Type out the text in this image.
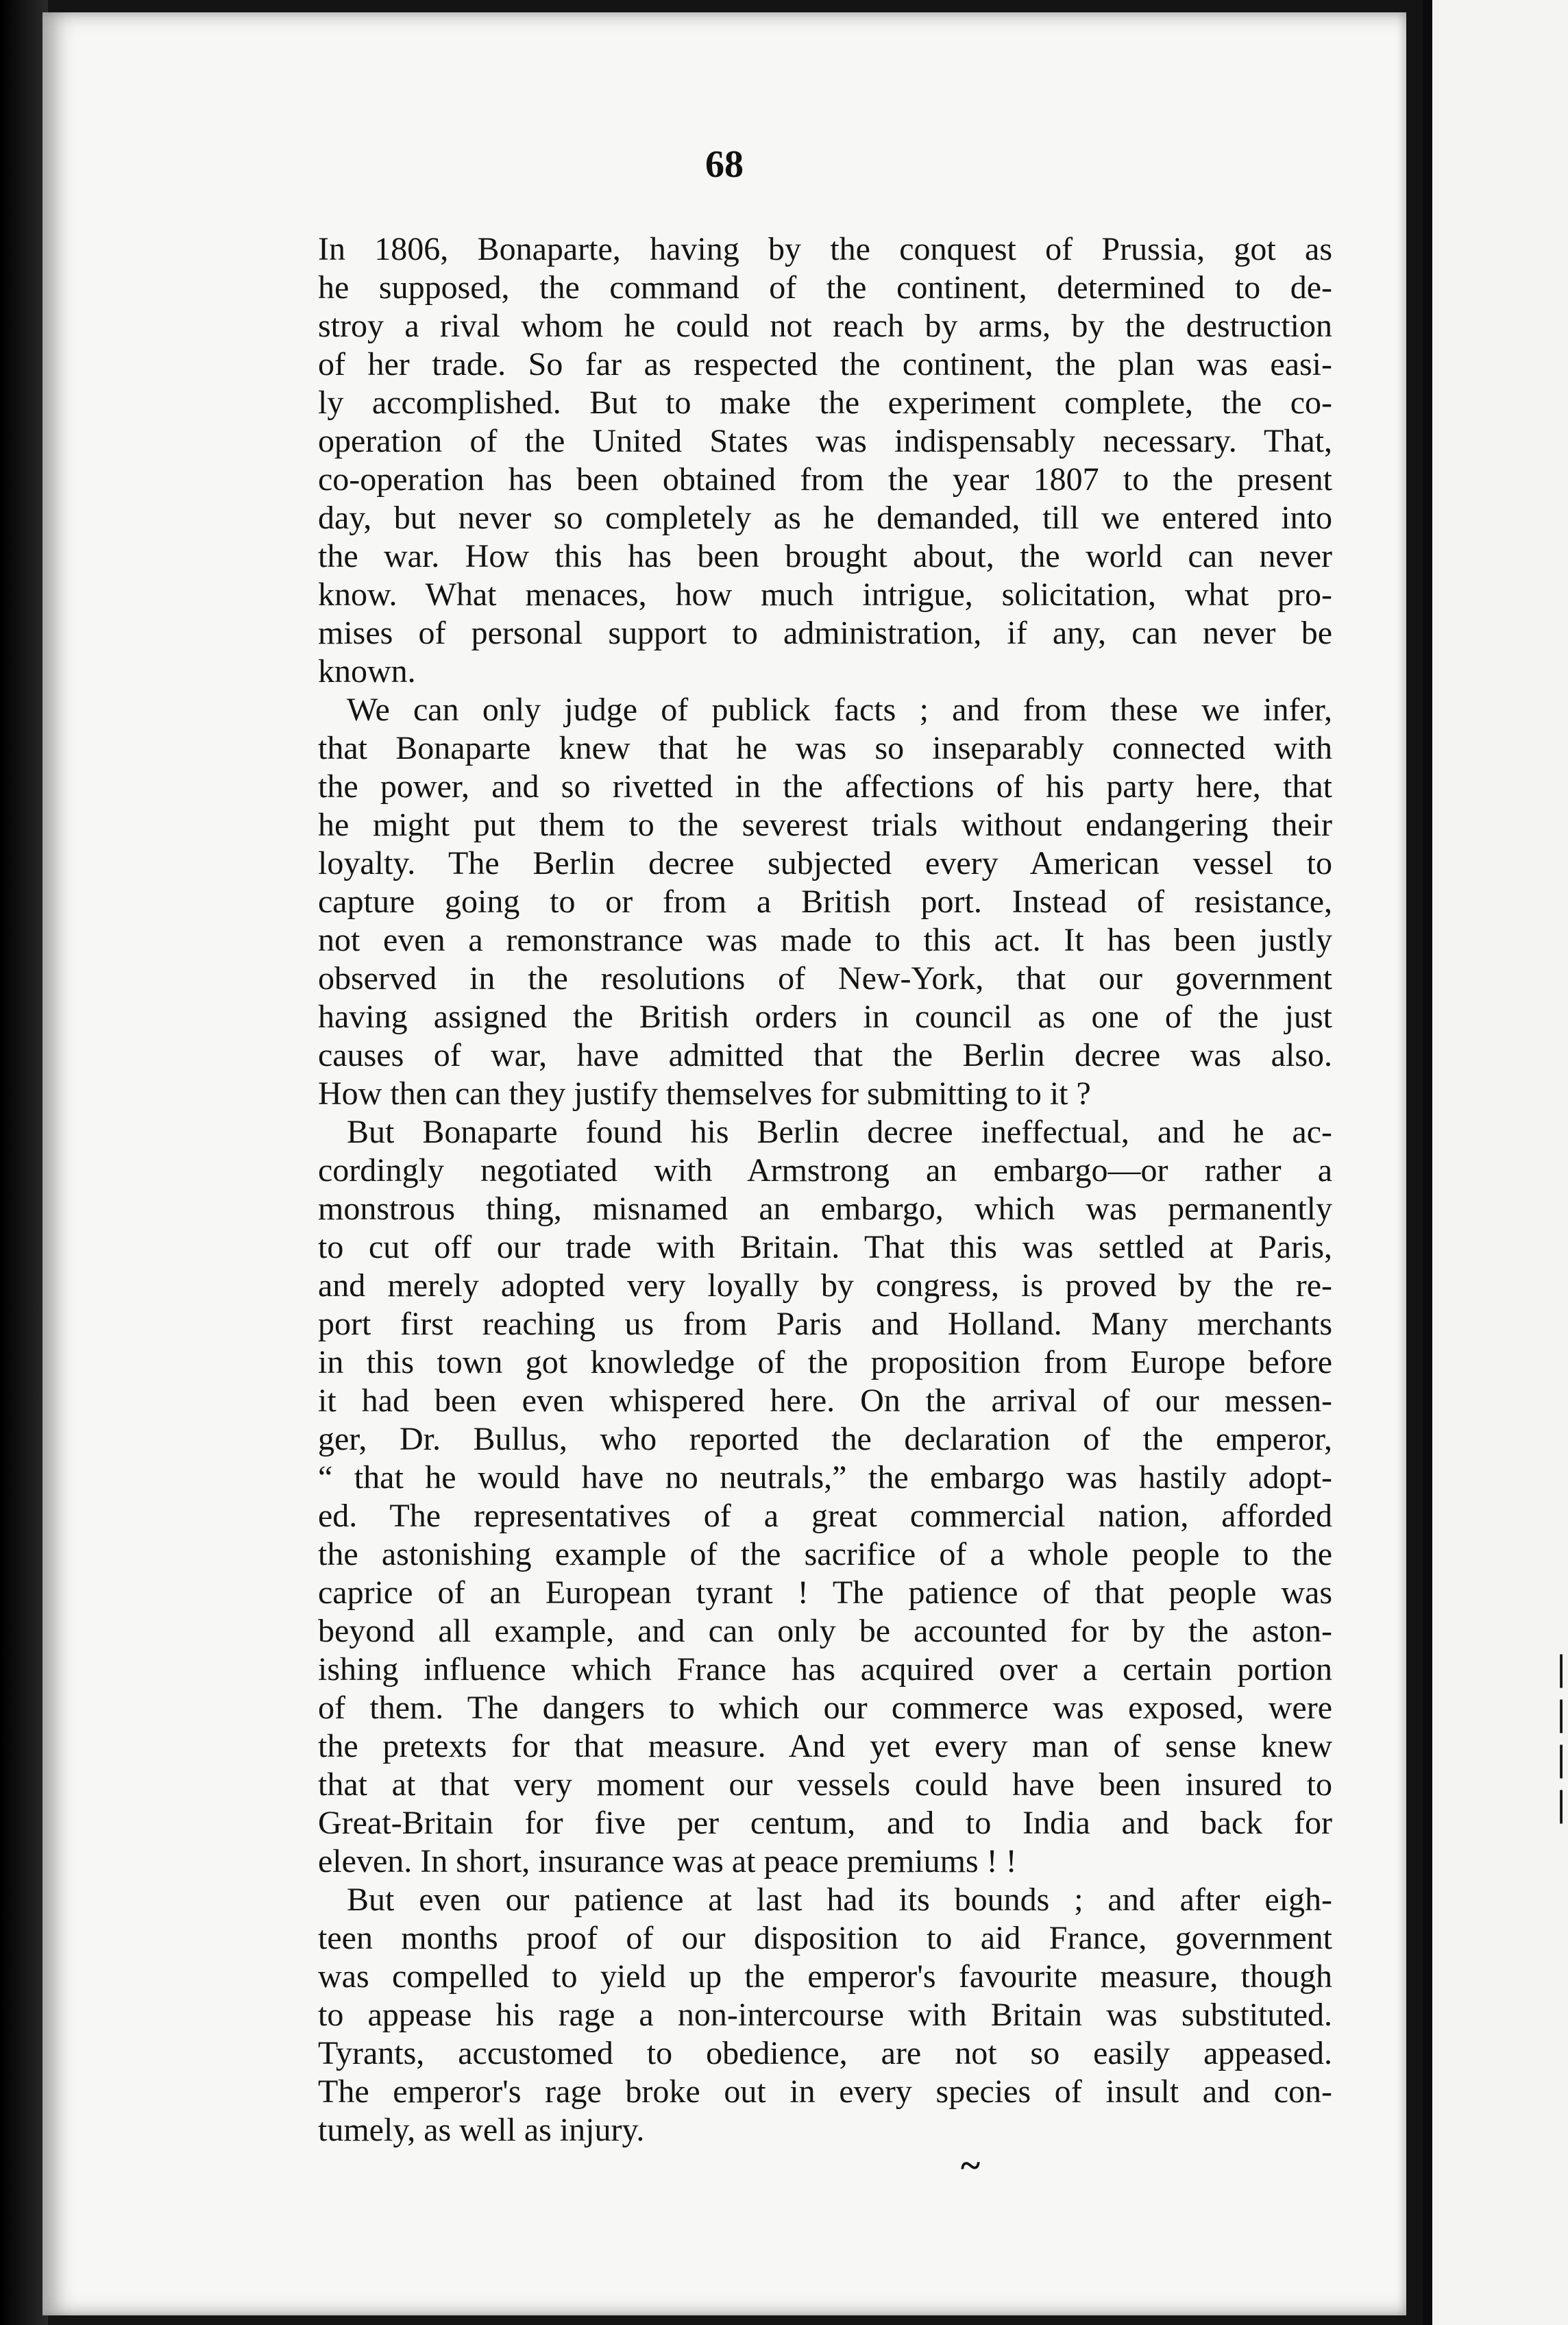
68
In 1806, Bonaparte, having by the conquest of Prussia, got as
he supposed, the command of the continent, determined to de-
stroy a rival whom he could not reach by arms, by the destruction
of her trade. So far as respected the continent, the plan was easi-
ly accomplished. But to make the experiment complete, the co-
operation of the United States was indispensably necessary. That,
co-operation has been obtained from the year 1807 to the present
day, but never so completely as he demanded, till we entered into
the war. How this has been brought about, the world can never
know. What menaces, how much intrigue, solicitation, what pro-
mises of personal support to administration, if any, can never be
known.
We can only judge of publick facts ; and from these we infer,
that Bonaparte knew that he was so inseparably connected with
the power, and so rivetted in the affections of his party here, that
he might put them to the severest trials without endangering their
loyalty. The Berlin decree subjected every American vessel to
capture going to or from a British port. Instead of resistance,
not even a remonstrance was made to this act. It has been justly
observed in the resolutions of New-York, that our government
having assigned the British orders in council as one of the just
causes of war, have admitted that the Berlin decree was also.
How then can they justify themselves for submitting to it ?
But Bonaparte found his Berlin decree ineffectual, and he ac-
cordingly negotiated with Armstrong an embargo—or rather a
monstrous thing, misnamed an embargo, which was permanently
to cut off our trade with Britain. That this was settled at Paris,
and merely adopted very loyally by congress, is proved by the re-
port first reaching us from Paris and Holland. Many merchants
in this town got knowledge of the proposition from Europe before
it had been even whispered here. On the arrival of our messen-
ger, Dr. Bullus, who reported the declaration of the emperor,
“ that he would have no neutrals,” the embargo was hastily adopt-
ed. The representatives of a great commercial nation, afforded
the astonishing example of the sacrifice of a whole people to the
caprice of an European tyrant ! The patience of that people was
beyond all example, and can only be accounted for by the aston-
ishing influence which France has acquired over a certain portion
of them. The dangers to which our commerce was exposed, were
the pretexts for that measure. And yet every man of sense knew
that at that very moment our vessels could have been insured to
Great-Britain for five per centum, and to India and back for
eleven. In short, insurance was at peace premiums ! !
But even our patience at last had its bounds ; and after eigh-
teen months proof of our disposition to aid France, government
was compelled to yield up the emperor's favourite measure, though
to appease his rage a non-intercourse with Britain was substituted.
Tyrants, accustomed to obedience, are not so easily appeased.
The emperor's rage broke out in every species of insult and con-
tumely, as well as injury.
~
| | | |
